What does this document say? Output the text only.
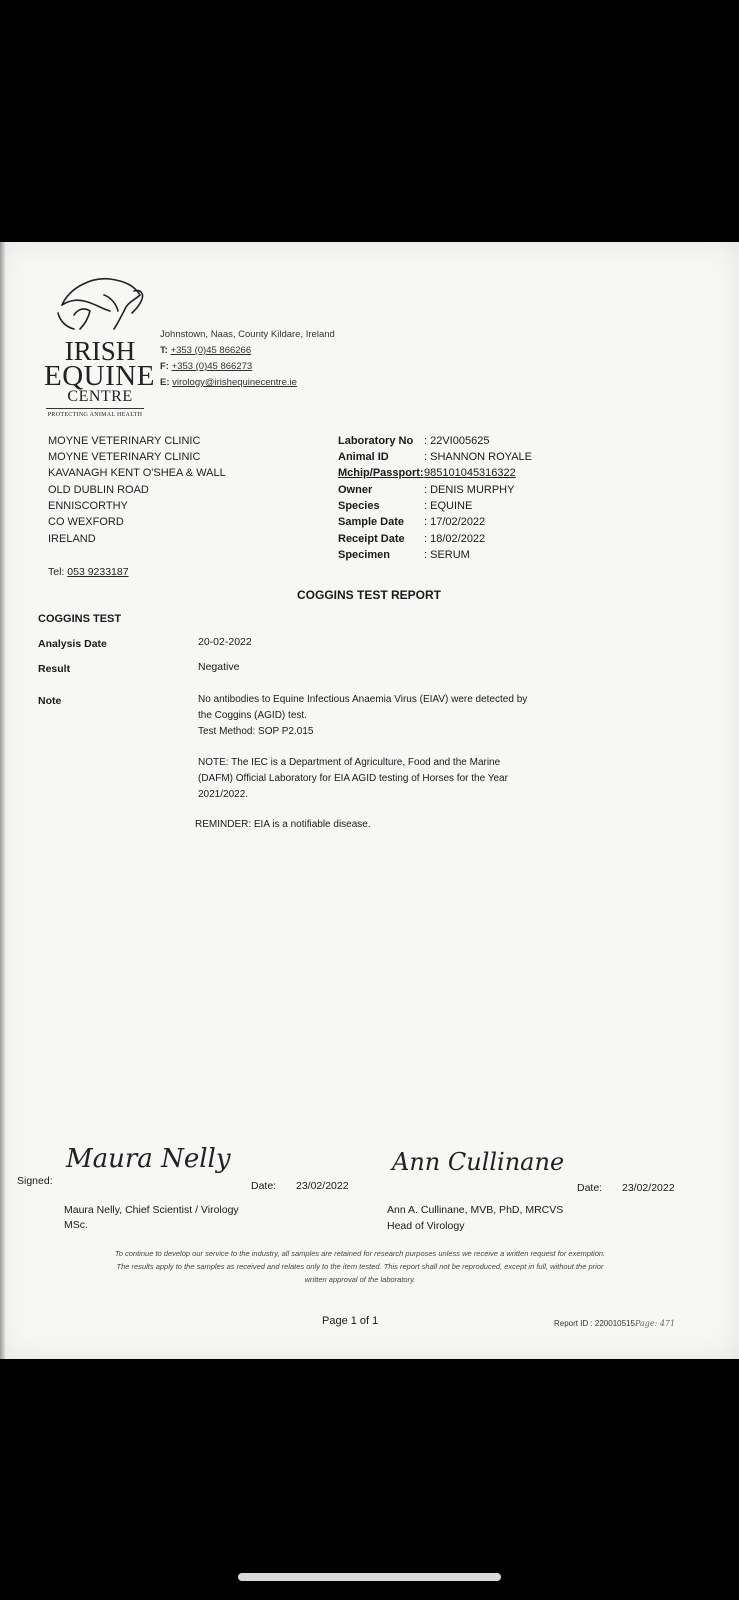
IRISH
EQUINE
CENTRE
PROTECTING ANIMAL HEALTH
Johnstown, Naas, County Kildare, Ireland
T: +353 (0)45 866266
F: +353 (0)45 866273
E: virology@irishequinecentre.ie
MOYNE VETERINARY CLINIC
MOYNE VETERINARY CLINIC
KAVANAGH KENT O'SHEA & WALL
OLD DUBLIN ROAD
ENNISCORTHY
CO WEXFORD
IRELAND
Tel: 053 9233187
Laboratory No : 22VI005625
Animal ID	: SHANNON ROYALE
Mchip/Passport: 985101045316322
Owner	: DENIS MURPHY
Species	: EQUINE
Sample Date : 17/02/2022
Receipt Date : 18/02/2022
Specimen	: SERUM
COGGINS TEST REPORT
COGGINS TEST
Analysis Date	20-02-2022
Result	Negative
Note	No antibodies to Equine Infectious Anaemia Virus (EIAV) were detected by
the Coggins (AGID) test.
Test Method: SOP P2.015
NOTE: The IEC is a Department of Agriculture, Food and the Marine
(DAFM) Official Laboratory for EIA AGID testing of Horses for the Year
2021/2022.
REMINDER: EIA is a notifiable disease.
Signed:
Maura Nelly
Date: 23/02/2022
Maura Nelly, Chief Scientist / Virology
MSc.
Ann Cullinane
Date: 23/02/2022
Ann A. Cullinane, MVB, PhD, MRCVS
Head of Virology
To continue to develop our service to the industry, all samples are retained for research purposes unless we receive a written request for exemption.
The results apply to the samples as received and relates only to the item tested. This report shall not be reproduced, except in full, without the prior
written approval of the laboratory.
Page 1 of 1	Report ID : 220010515Page: 471
